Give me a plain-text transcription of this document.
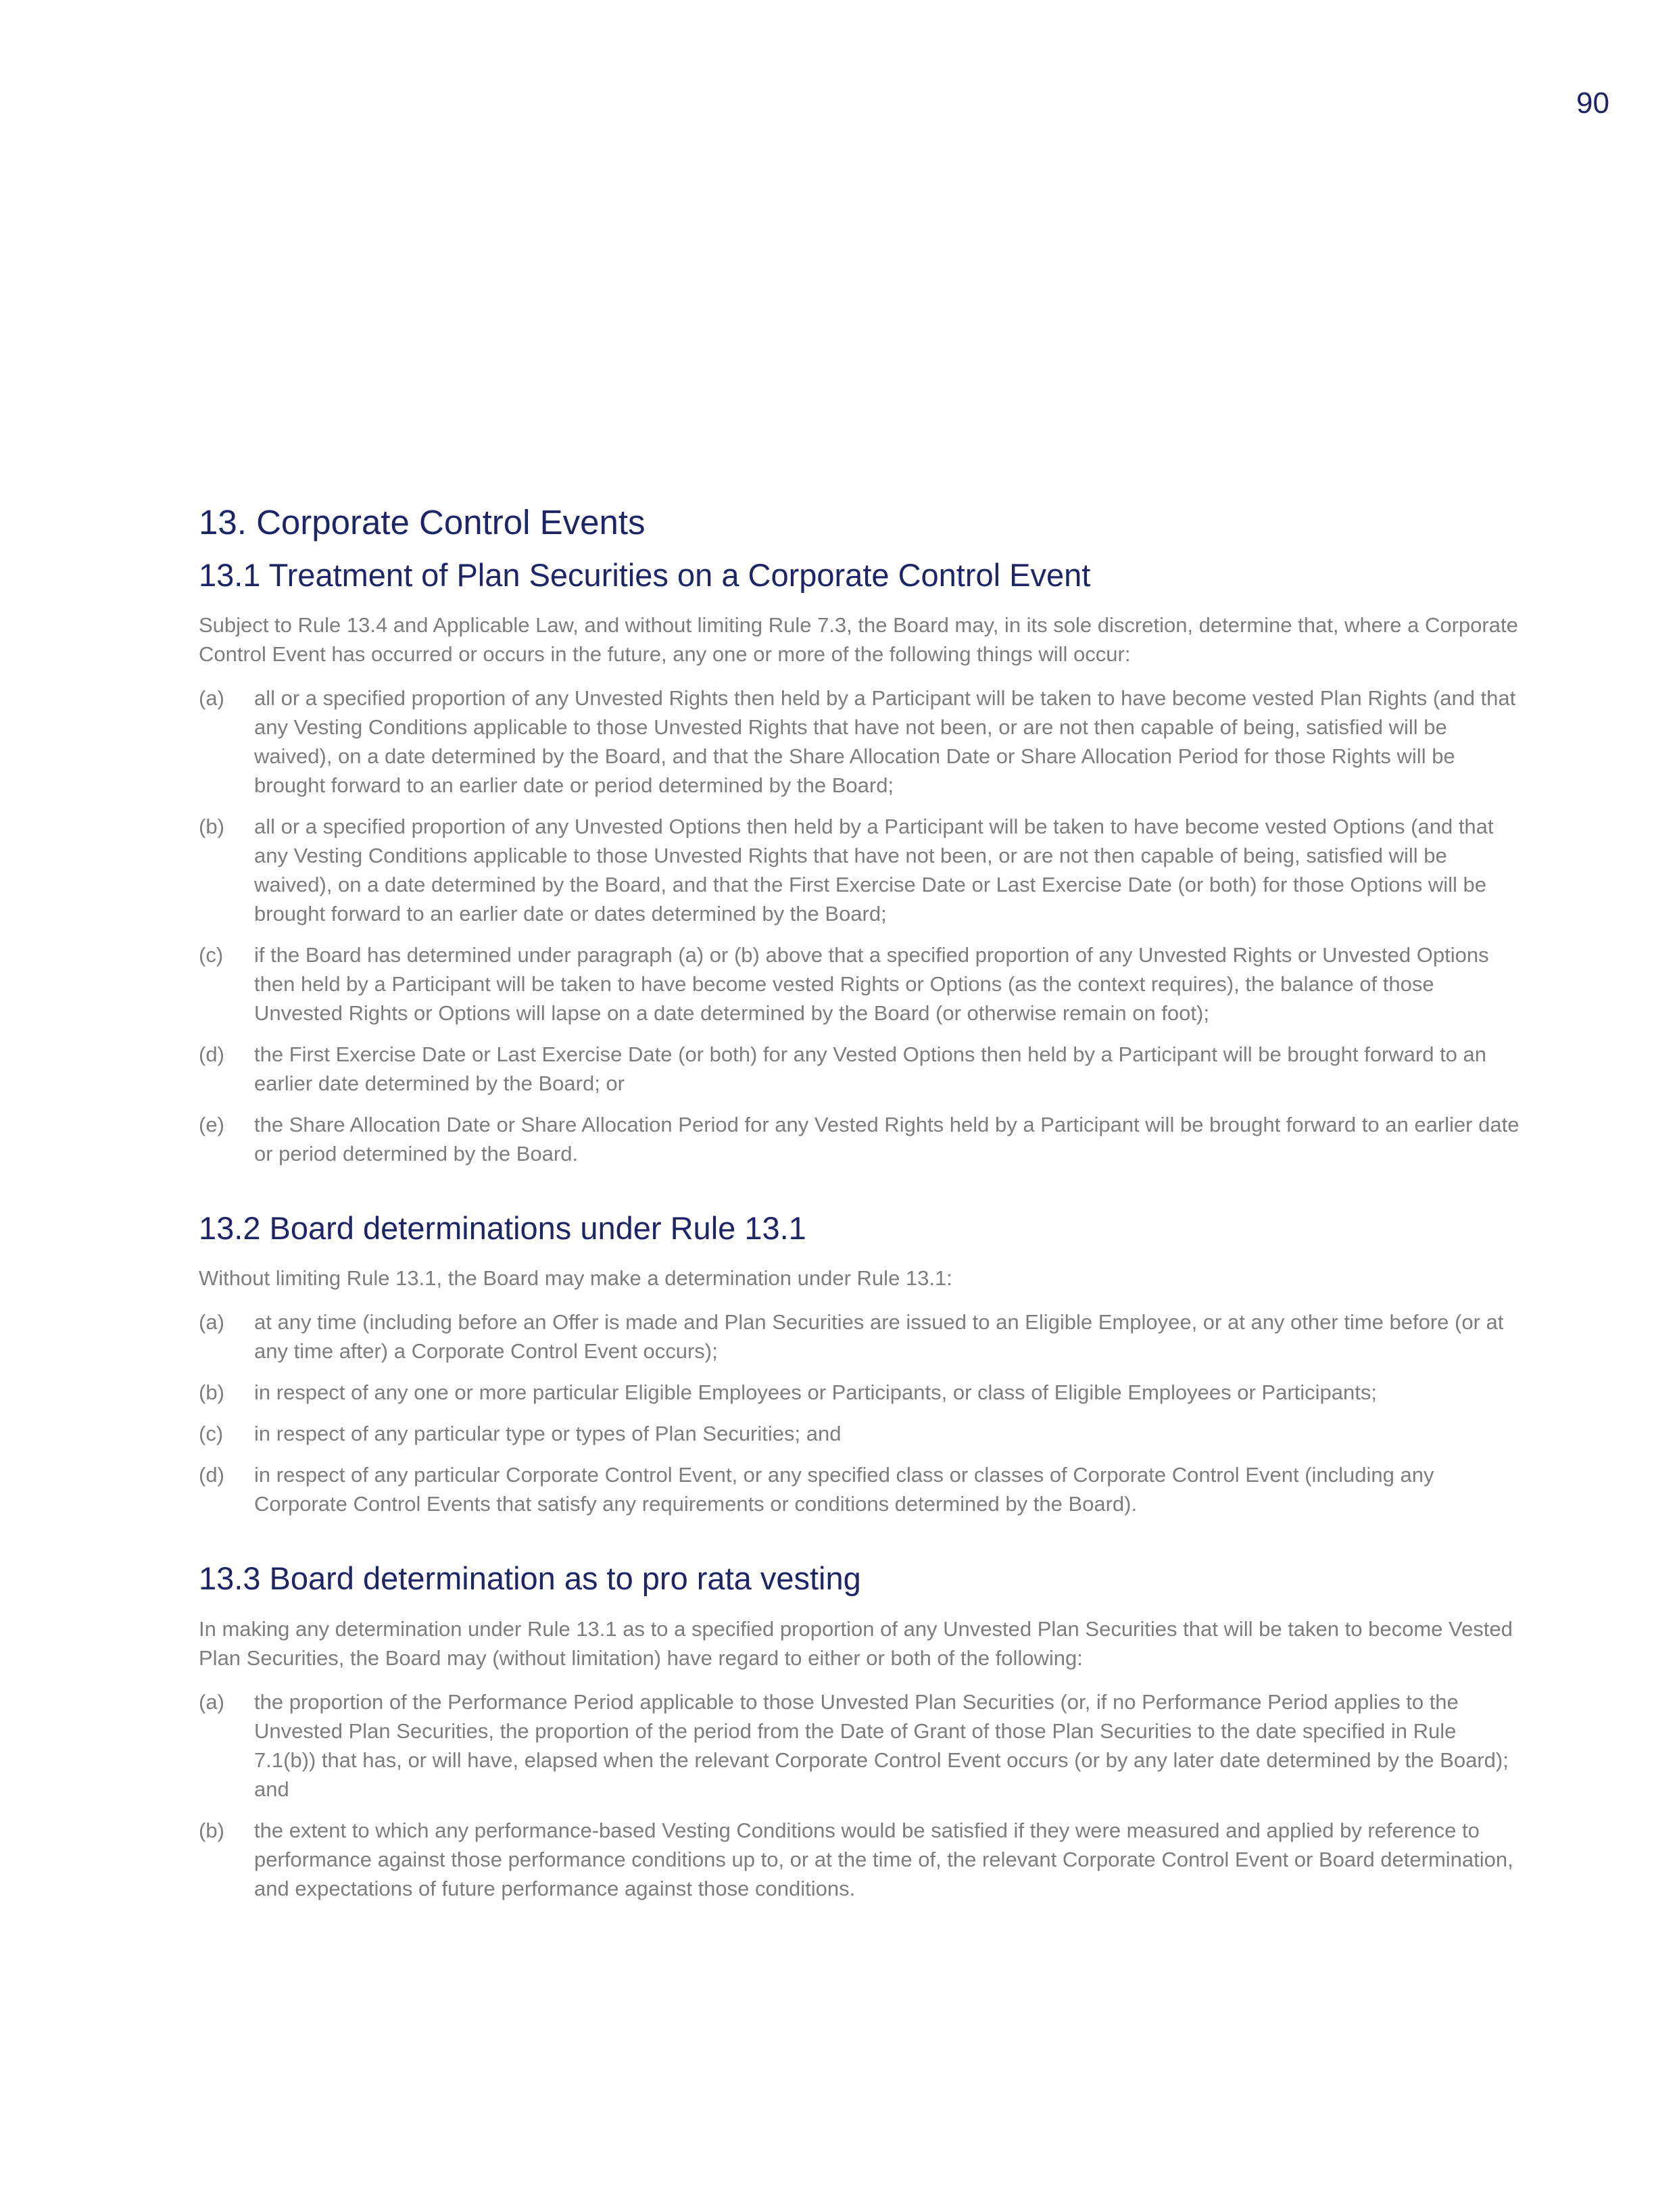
90
13. Corporate Control Events
13.1 Treatment of Plan Securities on a Corporate Control Event

Subject to Rule 13.4 and Applicable Law, and without limiting Rule 7.3, the Board may, in its sole discretion, determine that, where a Corporate Control Event has occurred or occurs in the future, any one or more of the following things will occur:

(a)	all or a specified proportion of any Unvested Rights then held by a Participant will be taken to have become vested Plan Rights (and that any Vesting Conditions applicable to those Unvested Rights that have not been, or are not then capable of being, satisfied will be waived), on a date determined by the Board, and that the Share Allocation Date or Share Allocation Period for those Rights will be brought forward to an earlier date or period determined by the Board;
(b)	all or a specified proportion of any Unvested Options then held by a Participant will be taken to have become vested Options (and that any Vesting Conditions applicable to those Unvested Rights that have not been, or are not then capable of being, satisfied will be waived), on a date determined by the Board, and that the First Exercise Date or Last Exercise Date (or both) for those Options will be brought forward to an earlier date or dates determined by the Board;
(c)	if the Board has determined under paragraph (a) or (b) above that a specified proportion of any Unvested Rights or Unvested Options then held by a Participant will be taken to have become vested Rights or Options (as the context requires), the balance of those Unvested Rights or Options will lapse on a date determined by the Board (or otherwise remain on foot);
(d)	the First Exercise Date or Last Exercise Date (or both) for any Vested Options then held by a Participant will be brought forward to an earlier date determined by the Board; or
(e)	the Share Allocation Date or Share Allocation Period for any Vested Rights held by a Participant will be brought forward to an earlier date or period determined by the Board.
13.2 Board determinations under Rule 13.1

Without limiting Rule 13.1, the Board may make a determination under Rule 13.1:

(a)	at any time (including before an Offer is made and Plan Securities are issued to an Eligible Employee, or at any other time before (or at any time after) a Corporate Control Event occurs);
(b)	in respect of any one or more particular Eligible Employees or Participants, or class of Eligible Employees or Participants;
(c)	in respect of any particular type or types of Plan Securities; and
(d)	in respect of any particular Corporate Control Event, or any specified class or classes of Corporate Control Event (including any Corporate Control Events that satisfy any requirements or conditions determined by the Board).
13.3 Board determination as to pro rata vesting

In making any determination under Rule 13.1 as to a specified proportion of any Unvested Plan Securities that will be taken to become Vested Plan Securities, the Board may (without limitation) have regard to either or both of the following:

(a)	the proportion of the Performance Period applicable to those Unvested Plan Securities (or, if no Performance Period applies to the Unvested Plan Securities, the proportion of the period from the Date of Grant of those Plan Securities to the date specified in Rule 7.1(b)) that has, or will have, elapsed when the relevant Corporate Control Event occurs (or by any later date determined by the Board); and
(b)	the extent to which any performance-based Vesting Conditions would be satisfied if they were measured and applied by reference to performance against those performance conditions up to, or at the time of, the relevant Corporate Control Event or Board determination, and expectations of future performance against those conditions.
